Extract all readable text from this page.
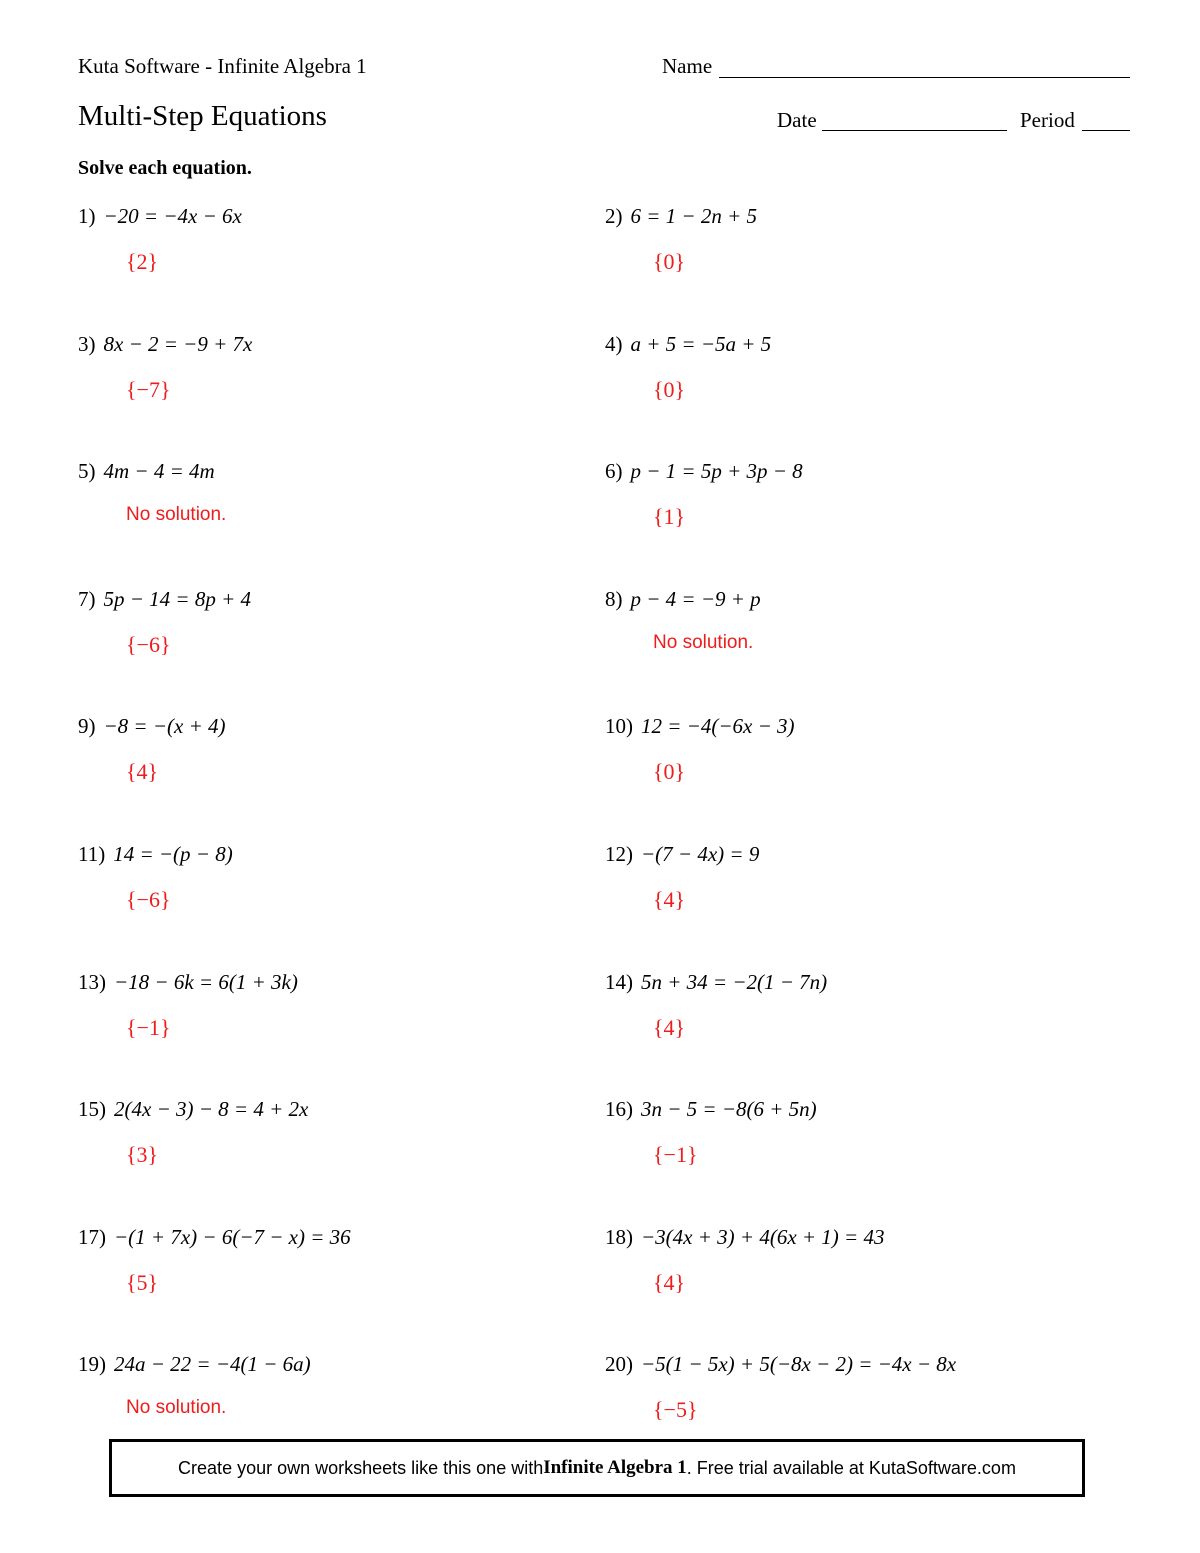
Kuta Software - Infinite Algebra 1
Multi-Step Equations
Solve each equation.
Name
Date	Period
1) −20 = −4x − 6x
{2}
2) 6 = 1 − 2n + 5
{0}
3) 8x − 2 = −9 + 7x
{−7}
4) a + 5 = −5a + 5
{0}
5) 4m − 4 = 4m
No solution.
6) p − 1 = 5p + 3p − 8
{1}
7) 5p − 14 = 8p + 4
{−6}
8) p − 4 = −9 + p
No solution.
9) −8 = −(x + 4)
{4}
10) 12 = −4(−6x − 3)
{0}
11) 14 = −(p − 8)
{−6}
12) −(7 − 4x) = 9
{4}
13) −18 − 6k = 6(1 + 3k)
{−1}
14) 5n + 34 = −2(1 − 7n)
{4}
15) 2(4x − 3) − 8 = 4 + 2x
{3}
16) 3n − 5 = −8(6 + 5n)
{−1}
17) −(1 + 7x) − 6(−7 − x) = 36
{5}
18) −3(4x + 3) + 4(6x + 1) = 43
{4}
19) 24a − 22 = −4(1 − 6a)
No solution.
20) −5(1 − 5x) + 5(−8x − 2) = −4x − 8x
{−5}
Create your own worksheets like this one with Infinite Algebra 1 . Free trial available at KutaSoftware.com
